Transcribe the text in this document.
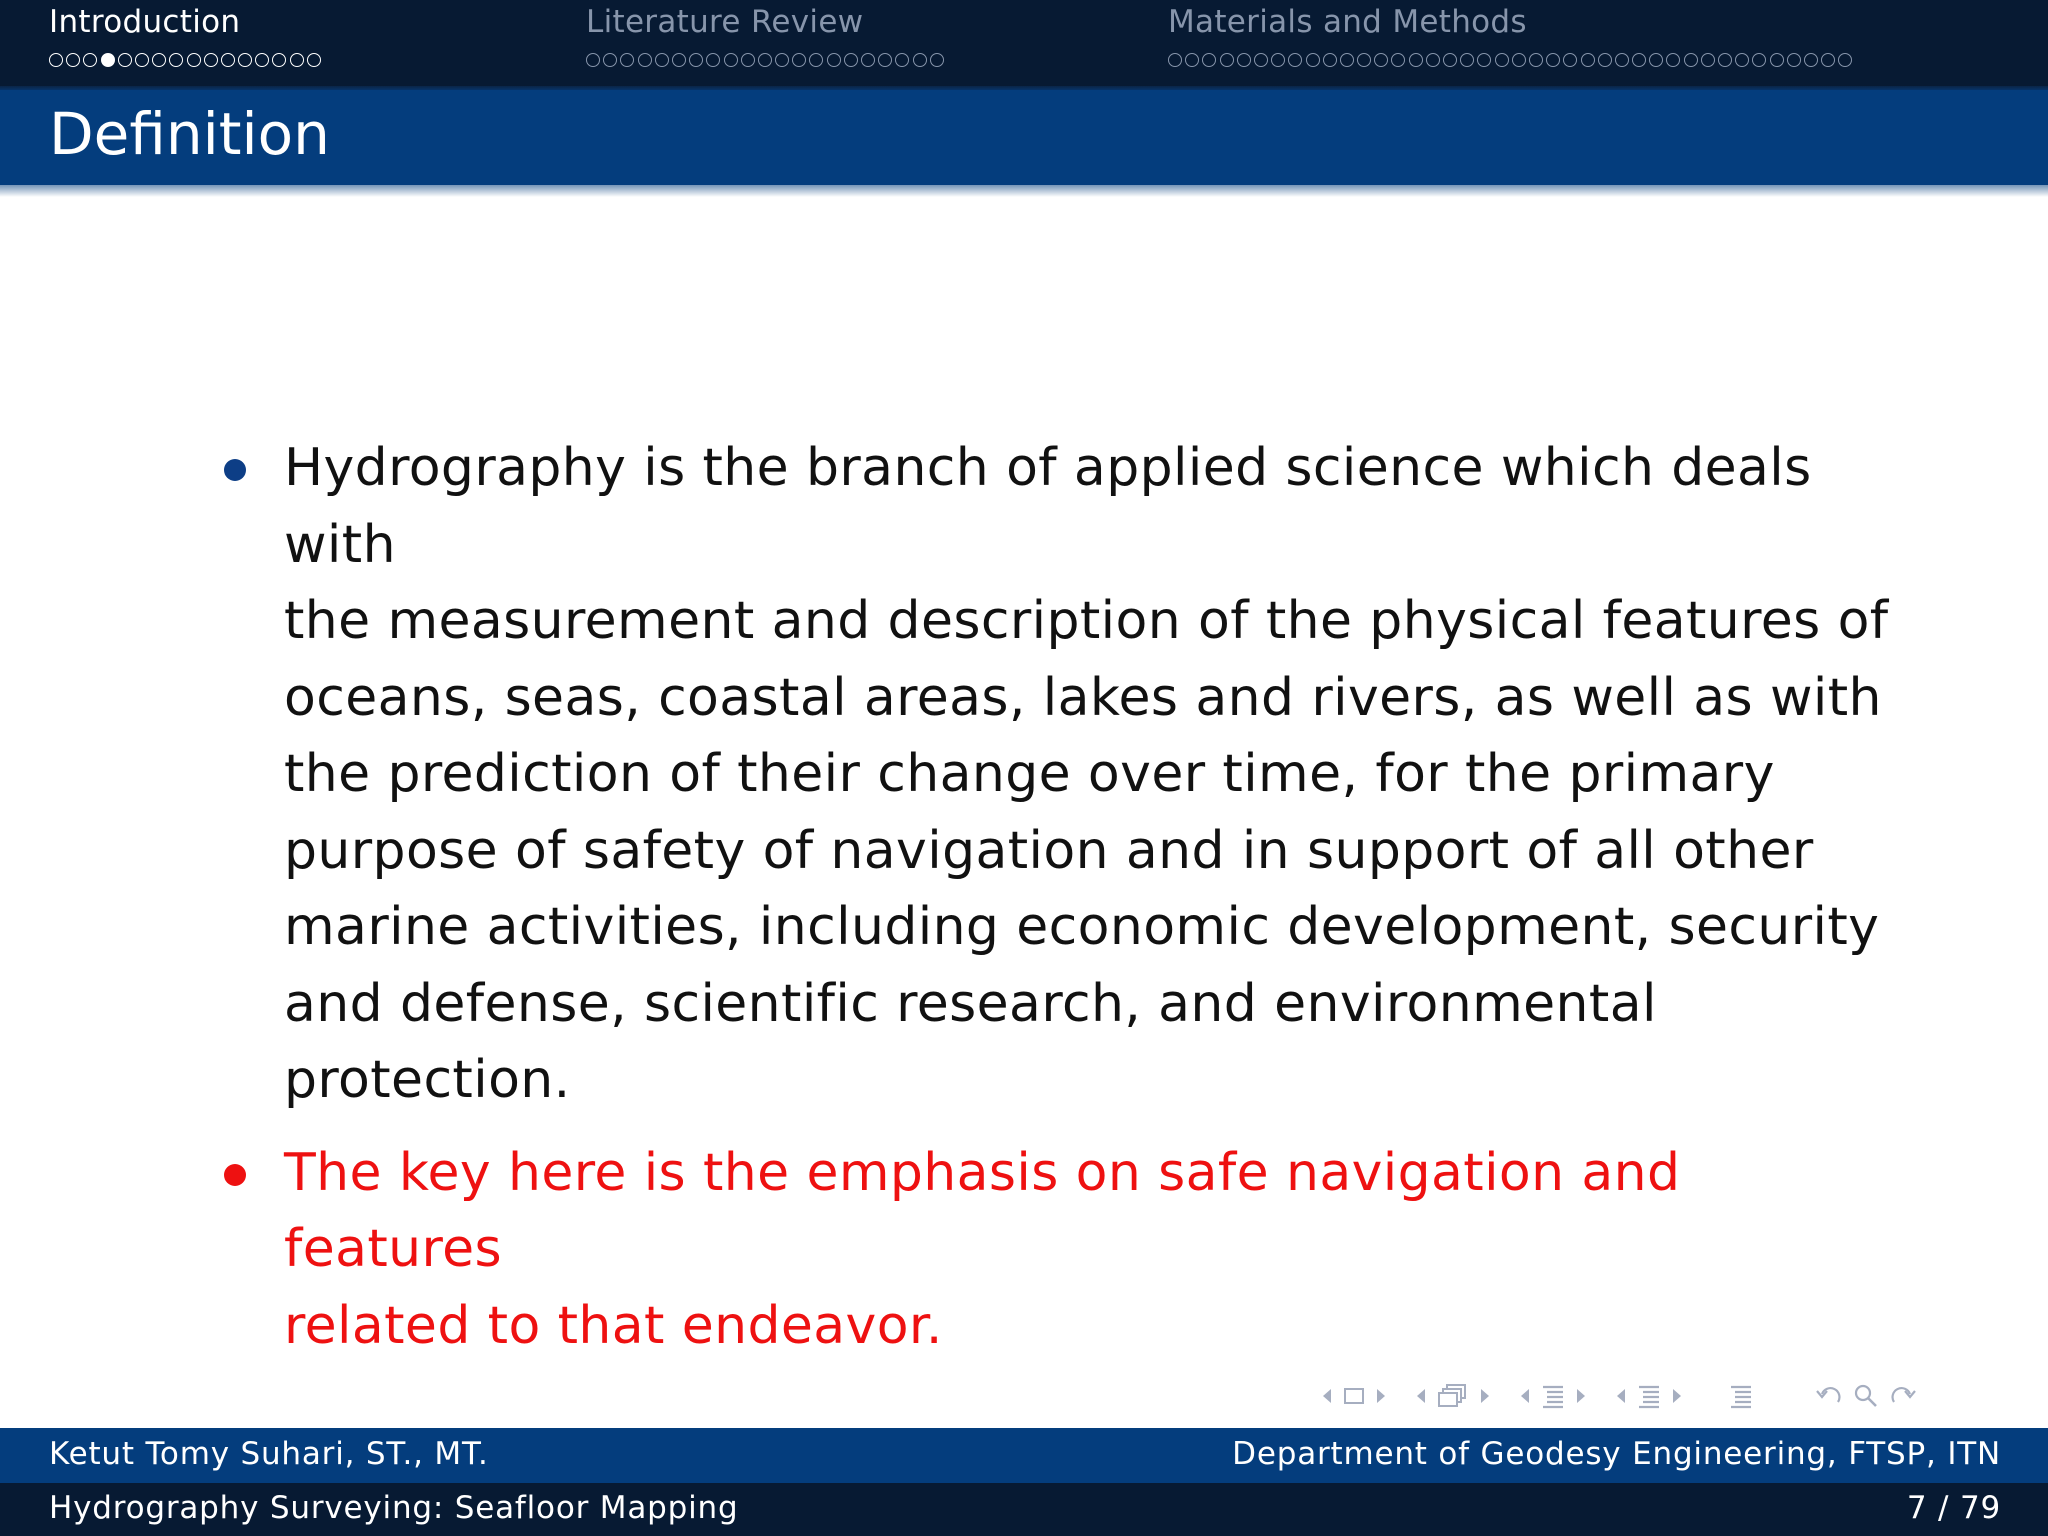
Introduction	Literature Review	Materials and Methods
Definition
Hydrography is the branch of applied science which deals with
the measurement and description of the physical features of
oceans, seas, coastal areas, lakes and rivers, as well as with
the prediction of their change over time, for the primary
purpose of safety of navigation and in support of all other
marine activities, including economic development, security
and defense, scientific research, and environmental protection.
The key here is the emphasis on safe navigation and features
related to that endeavor.
Ketut Tomy Suhari, ST., MT.	Department of Geodesy Engineering, FTSP, ITN
Hydrography Surveying: Seafloor Mapping	7 / 79
